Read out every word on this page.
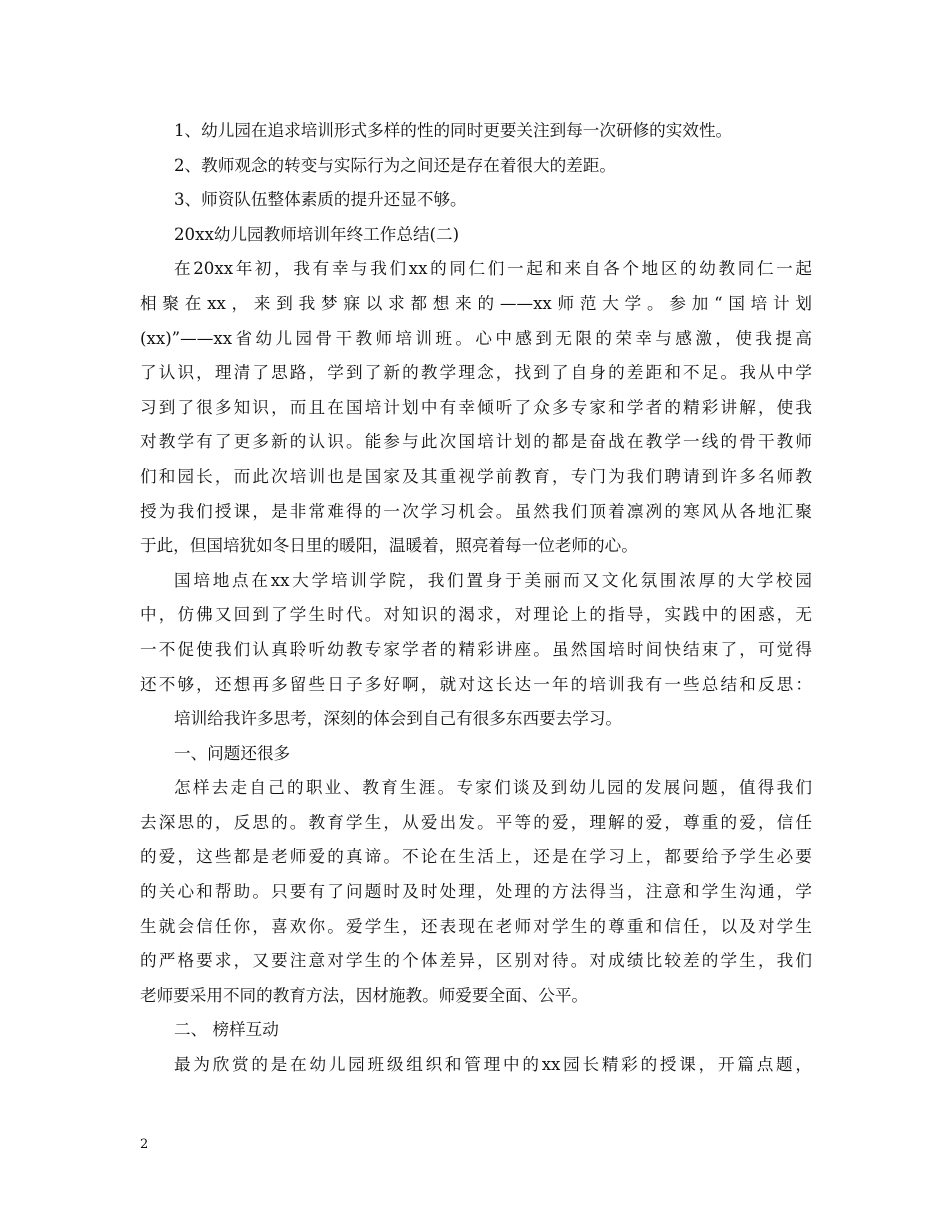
1、幼儿园在追求培训形式多样的性的同时更要关注到每一次研修的实效性。
2、教师观念的转变与实际行为之间还是存在着很大的差距。
3、师资队伍整体素质的提升还显不够。
20xx幼儿园教师培训年终工作总结(二)
在20xx年初，我有幸与我们xx的同仁们一起和来自各个地区的幼教同仁一起
相聚在xx，来到我梦寐以求都想来的——xx师范大学。参加“国培计划
(xx)”——xx省幼儿园骨干教师培训班。心中感到无限的荣幸与感激，使我提高
了认识，理清了思路，学到了新的教学理念，找到了自身的差距和不足。我从中学
习到了很多知识，而且在国培计划中有幸倾听了众多专家和学者的精彩讲解，使我
对教学有了更多新的认识。能参与此次国培计划的都是奋战在教学一线的骨干教师
们和园长，而此次培训也是国家及其重视学前教育，专门为我们聘请到许多名师教
授为我们授课，是非常难得的一次学习机会。虽然我们顶着凛冽的寒风从各地汇聚
于此，但国培犹如冬日里的暖阳，温暖着，照亮着每一位老师的心。
国培地点在xx大学培训学院，我们置身于美丽而又文化氛围浓厚的大学校园
中，仿佛又回到了学生时代。对知识的渴求，对理论上的指导，实践中的困惑，无
一不促使我们认真聆听幼教专家学者的精彩讲座。虽然国培时间快结束了，可觉得
还不够，还想再多留些日子多好啊，就对这长达一年的培训我有一些总结和反思：
培训给我许多思考，深刻的体会到自己有很多东西要去学习。
一、问题还很多
怎样去走自己的职业、教育生涯。专家们谈及到幼儿园的发展问题，值得我们
去深思的，反思的。教育学生，从爱出发。平等的爱，理解的爱，尊重的爱，信任
的爱，这些都是老师爱的真谛。不论在生活上，还是在学习上，都要给予学生必要
的关心和帮助。只要有了问题时及时处理，处理的方法得当，注意和学生沟通，学
生就会信任你，喜欢你。爱学生，还表现在老师对学生的尊重和信任，以及对学生
的严格要求，又要注意对学生的个体差异，区别对待。对成绩比较差的学生，我们
老师要采用不同的教育方法，因材施教。师爱要全面、公平。
二、 榜样互动
最为欣赏的是在幼儿园班级组织和管理中的xx园长精彩的授课，开篇点题，
2
